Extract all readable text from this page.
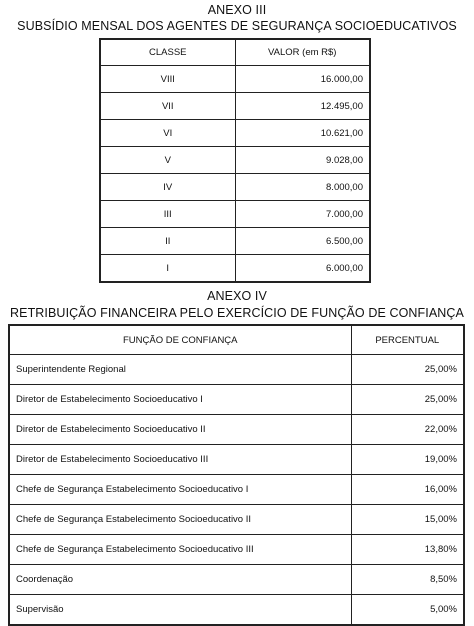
ANEXO III
SUBSÍDIO MENSAL DOS AGENTES DE SEGURANÇA SOCIOEDUCATIVOS
CLASSE	VALOR (em R$)
VIII	16.000,00
VII	12.495,00
VI	10.621,00
V	9.028,00
IV	8.000,00
III	7.000,00
II	6.500,00
I	6.000,00
ANEXO IV
RETRIBUIÇÃO FINANCEIRA PELO EXERCÍCIO DE FUNÇÃO DE CONFIANÇA
FUNÇÃO DE CONFIANÇA	PERCENTUAL
Superintendente Regional	25,00%
Diretor de Estabelecimento Socioeducativo I	25,00%
Diretor de Estabelecimento Socioeducativo II	22,00%
Diretor de Estabelecimento Socioeducativo III	19,00%
Chefe de Segurança Estabelecimento Socioeducativo I	16,00%
Chefe de Segurança Estabelecimento Socioeducativo II	15,00%
Chefe de Segurança Estabelecimento Socioeducativo III	13,80%
Coordenação	8,50%
Supervisão	5,00%
